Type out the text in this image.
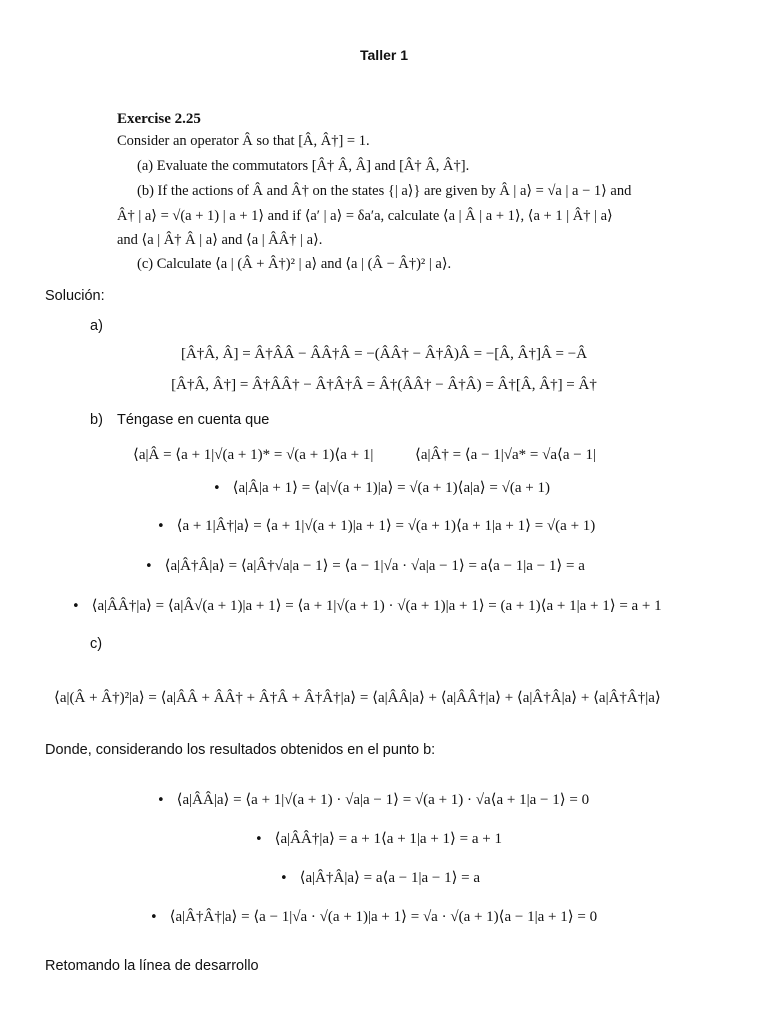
Taller 1
Exercise 2.25
Consider an operator Â so that [Â, Â†] = 1.
(a) Evaluate the commutators [Â† Â, Â] and [Â† Â, Â†].
(b) If the actions of Â and Â† on the states {| a⟩} are given by Â | a⟩ = √a | a − 1⟩ and
Â† | a⟩ = √(a + 1) | a + 1⟩ and if ⟨a′ | a⟩ = δa′a, calculate ⟨a | Â | a + 1⟩, ⟨a + 1 | Â† | a⟩
and ⟨a | Â† Â | a⟩ and ⟨a | ÂÂ† | a⟩.
(c) Calculate ⟨a | (Â + Â†)² | a⟩ and ⟨a | (Â − Â†)² | a⟩.
Solución:
a)
[Â†Â, Â] = Â†ÂÂ − ÂÂ†Â = −(ÂÂ† − Â†Â)Â = −[Â, Â†]Â = −Â
[Â†Â, Â†] = Â†ÂÂ† − Â†Â†Â = Â†(ÂÂ† − Â†Â) = Â†[Â, Â†] = Â†
b) Téngase en cuenta que
⟨a|Â = ⟨a + 1|√(a + 1)* = √(a + 1)⟨a + 1|	⟨a|Â† = ⟨a − 1|√a* = √a⟨a − 1|
• ⟨a|Â|a + 1⟩ = ⟨a|√(a + 1)|a⟩ = √(a + 1)⟨a|a⟩ = √(a + 1)
• ⟨a + 1|Â†|a⟩ = ⟨a + 1|√(a + 1)|a + 1⟩ = √(a + 1)⟨a + 1|a + 1⟩ = √(a + 1)
• ⟨a|Â†Â|a⟩ = ⟨a|Â†√a|a − 1⟩ = ⟨a − 1|√a · √a|a − 1⟩ = a⟨a − 1|a − 1⟩ = a
• ⟨a|ÂÂ†|a⟩ = ⟨a|Â√(a + 1)|a + 1⟩ = ⟨a + 1|√(a + 1) · √(a + 1)|a + 1⟩ = (a + 1)⟨a + 1|a + 1⟩ = a + 1
c)
⟨a|(Â + Â†)²|a⟩ = ⟨a|ÂÂ + ÂÂ† + Â†Â + Â†Â†|a⟩ = ⟨a|ÂÂ|a⟩ + ⟨a|ÂÂ†|a⟩ + ⟨a|Â†Â|a⟩ + ⟨a|Â†Â†|a⟩
Donde, considerando los resultados obtenidos en el punto b:
• ⟨a|ÂÂ|a⟩ = ⟨a + 1|√(a + 1) · √a|a − 1⟩ = √(a + 1) · √a⟨a + 1|a − 1⟩ = 0
• ⟨a|ÂÂ†|a⟩ = a + 1⟨a + 1|a + 1⟩ = a + 1
• ⟨a|Â†Â|a⟩ = a⟨a − 1|a − 1⟩ = a
• ⟨a|Â†Â†|a⟩ = ⟨a − 1|√a · √(a + 1)|a + 1⟩ = √a · √(a + 1)⟨a − 1|a + 1⟩ = 0
Retomando la línea de desarrollo
